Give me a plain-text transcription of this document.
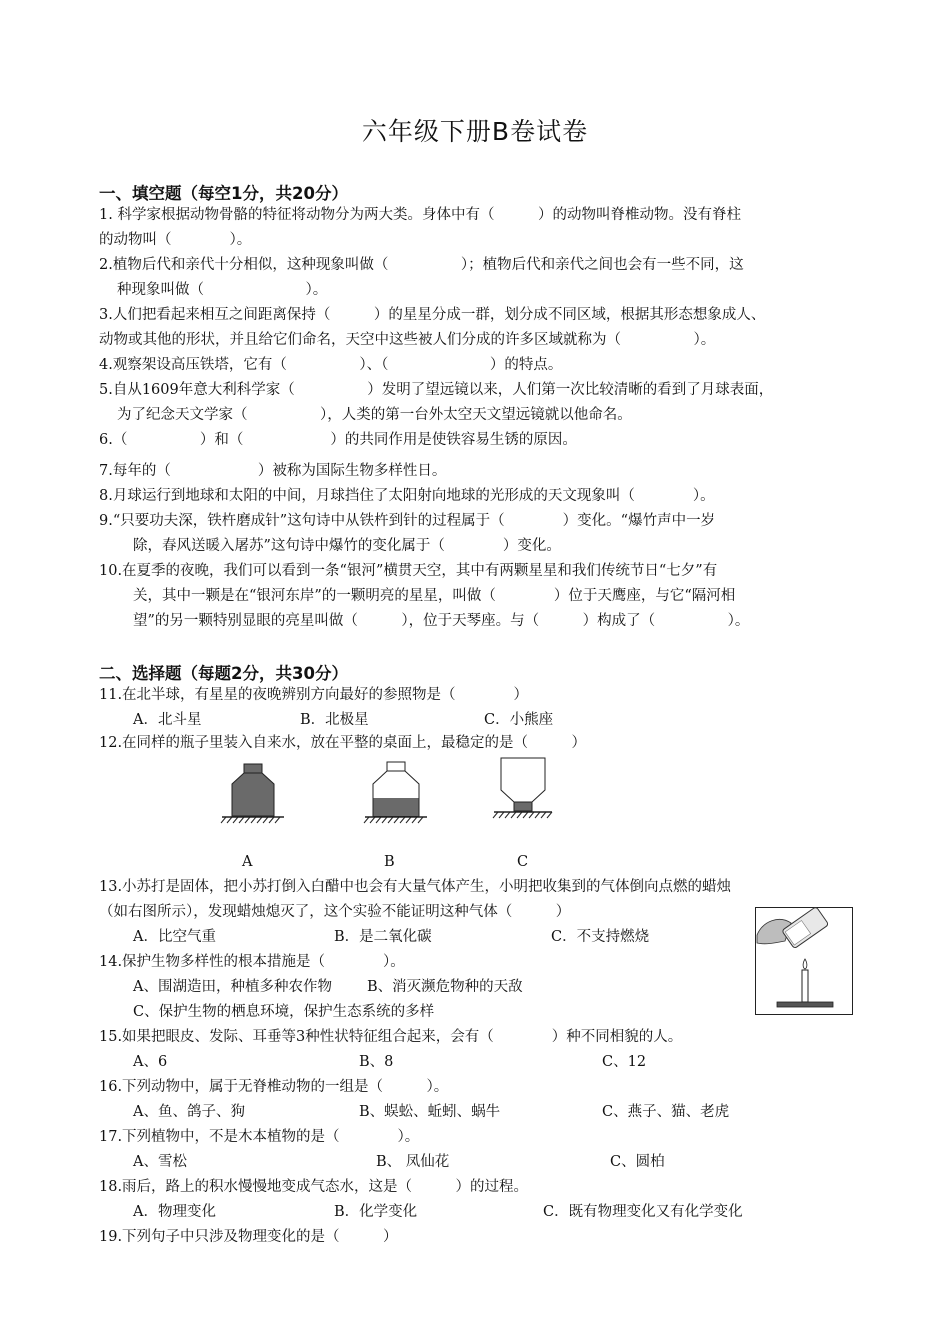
六年级下册B卷试卷
一、填空题（每空1分，共20分）
1. 科学家根据动物骨骼的特征将动物分为两大类。身体中有（　　　）的动物叫脊椎动物。没有脊柱
的动物叫（　　　　）。
2.植物后代和亲代十分相似，这种现象叫做（　　　　　）；植物后代和亲代之间也会有一些不同，这
种现象叫做（　　　　　　　）。
3.人们把看起来相互之间距离保持（　　　）的星星分成一群，划分成不同区域，根据其形态想象成人、
动物或其他的形状，并且给它们命名，天空中这些被人们分成的许多区域就称为（　　　　　）。
4.观察架设高压铁塔，它有（　　　　　）、（　　　　　　　）的特点。
5.自从1609年意大利科学家（　　　　　）发明了望远镜以来，人们第一次比较清晰的看到了月球表面，
为了纪念天文学家（　　　　　），人类的第一台外太空天文望远镜就以他命名。
6.（　　　　　）和（　　　　　　）的共同作用是使铁容易生锈的原因。
7.每年的（　　　　　　）被称为国际生物多样性日。
8.月球运行到地球和太阳的中间，月球挡住了太阳射向地球的光形成的天文现象叫（　　　　）。
9.“只要功夫深，铁杵磨成针”这句诗中从铁杵到针的过程属于（　　　　）变化。“爆竹声中一岁
除，春风送暖入屠苏”这句诗中爆竹的变化属于（　　　　）变化。
10.在夏季的夜晚，我们可以看到一条“银河”横贯天空，其中有两颗星星和我们传统节日“七夕”有
关，其中一颗是在“银河东岸”的一颗明亮的星星，叫做（　　　　）位于天鹰座，与它“隔河相
望”的另一颗特别显眼的亮星叫做（　　　），位于天琴座。与（　　　）构成了（　　　　　）。
二、选择题（每题2分，共30分）
11.在北半球，有星星的夜晚辨别方向最好的参照物是（　　　　）
A．北斗星	B．北极星	C．小熊座
12.在同样的瓶子里装入自来水，放在平整的桌面上，最稳定的是（　　　）
A	B	C
13.小苏打是固体，把小苏打倒入白醋中也会有大量气体产生，小明把收集到的气体倒向点燃的蜡烛
（如右图所示），发现蜡烛熄灭了，这个实验不能证明这种气体（　　　）
A．比空气重	B．是二氧化碳	C．不支持燃烧
14.保护生物多样性的根本措施是（　　　　）。
A、围湖造田，种植多种农作物 B、消灭濒危物种的天敌
C、保护生物的栖息环境，保护生态系统的多样
15.如果把眼皮、发际、耳垂等3种性状特征组合起来，会有（　　　　）种不同相貌的人。
A、6	B、8	C、12
16.下列动物中，属于无脊椎动物的一组是（　　　）。
A、鱼、鸽子、狗	B、蜈蚣、蚯蚓、蜗牛	C、燕子、猫、老虎
17.下列植物中，不是木本植物的是（　　　　）。
A、雪松	B、 凤仙花	C、圆柏
18.雨后，路上的积水慢慢地变成气态水，这是（　　　）的过程。
A．物理变化	B．化学变化	C．既有物理变化又有化学变化
19.下列句子中只涉及物理变化的是（　　　）
